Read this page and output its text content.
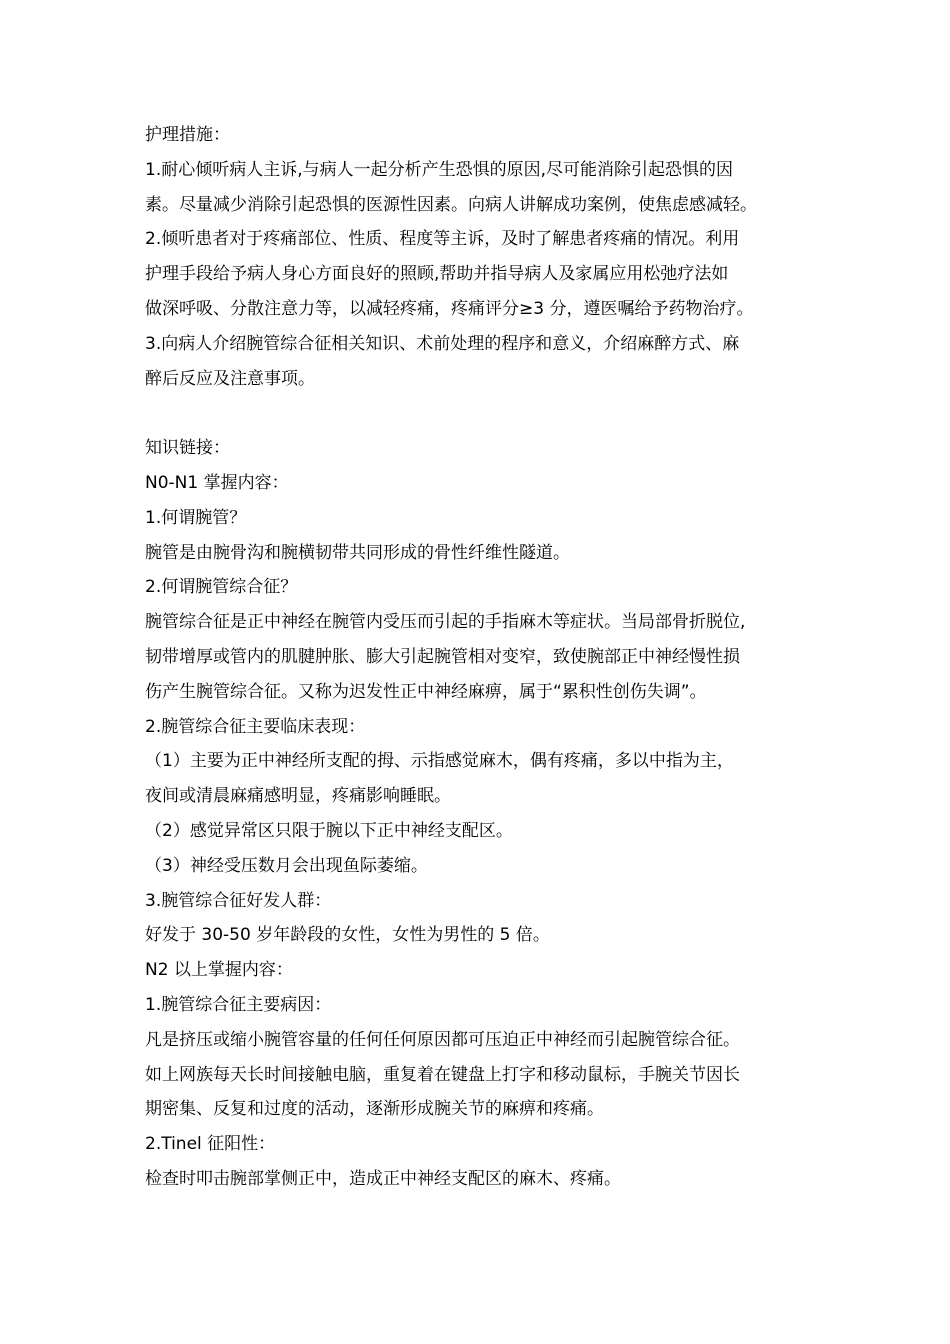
护理措施：
1.耐心倾听病人主诉,与病人一起分析产生恐惧的原因,尽可能消除引起恐惧的因
素。尽量减少消除引起恐惧的医源性因素。向病人讲解成功案例，使焦虑感减轻。
2.倾听患者对于疼痛部位、性质、程度等主诉，及时了解患者疼痛的情况。利用
护理手段给予病人身心方面良好的照顾,帮助并指导病人及家属应用松弛疗法如
做深呼吸、分散注意力等，以减轻疼痛，疼痛评分≥3 分，遵医嘱给予药物治疗。
3.向病人介绍腕管综合征相关知识、术前处理的程序和意义，介绍麻醉方式、麻
醉后反应及注意事项。
知识链接：
N0-N1 掌握内容：
1.何谓腕管？
腕管是由腕骨沟和腕横韧带共同形成的骨性纤维性隧道。
2.何谓腕管综合征？
腕管综合征是正中神经在腕管内受压而引起的手指麻木等症状。当局部骨折脱位,
韧带增厚或管内的肌腱肿胀、膨大引起腕管相对变窄，致使腕部正中神经慢性损
伤产生腕管综合征。又称为迟发性正中神经麻痹，属于“累积性创伤失调”。
2.腕管综合征主要临床表现：
（1）主要为正中神经所支配的拇、示指感觉麻木，偶有疼痛，多以中指为主，
夜间或清晨麻痛感明显，疼痛影响睡眠。
（2）感觉异常区只限于腕以下正中神经支配区。
（3）神经受压数月会出现鱼际萎缩。
3.腕管综合征好发人群：
好发于 30-50 岁年龄段的女性，女性为男性的 5 倍。
N2 以上掌握内容：
1.腕管综合征主要病因：
凡是挤压或缩小腕管容量的任何任何原因都可压迫正中神经而引起腕管综合征。
如上网族每天长时间接触电脑，重复着在键盘上打字和移动鼠标，手腕关节因长
期密集、反复和过度的活动，逐渐形成腕关节的麻痹和疼痛。
2.Tinel 征阳性：
检查时叩击腕部掌侧正中，造成正中神经支配区的麻木、疼痛。
